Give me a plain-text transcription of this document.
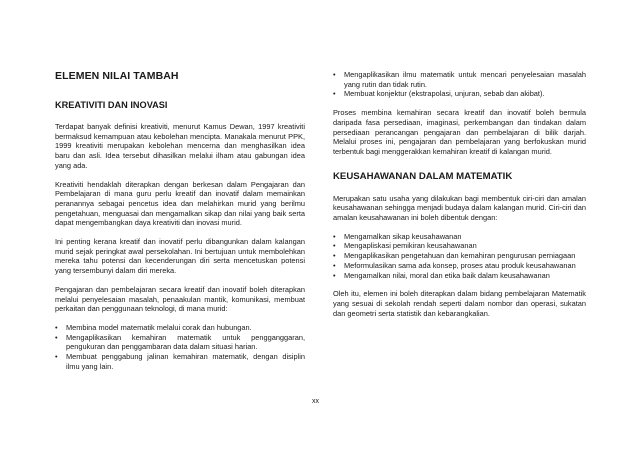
ELEMEN NILAI TAMBAH
KREATIVITI DAN INOVASI

Terdapat banyak definisi kreativiti, menurut Kamus Dewan, 1997 kreativiti bermaksud kemampuan atau kebolehan mencipta. Manakala menurut PPK, 1999 kreativiti merupakan kebolehan mencerna dan menghasilkan idea baru dan asli. Idea tersebut dihasilkan melalui ilham atau gabungan idea yang ada.

Kreativiti hendaklah diterapkan dengan berkesan dalam Pengajaran dan Pembelajaran di mana guru perlu kreatif dan inovatif dalam memainkan peranannya sebagai pencetus idea dan melahirkan murid yang berilmu pengetahuan, menguasai dan mengamalkan sikap dan nilai yang baik serta dapat mengembangkan daya kreativiti dan inovasi murid.

Ini penting kerana kreatif dan inovatif perlu dibangunkan dalam kalangan murid sejak peringkat awal persekolahan. Ini bertujuan untuk membolehkan mereka tahu potensi dan kecenderungan diri serta mencetuskan potensi yang tersembunyi dalam diri mereka.

Pengajaran dan pembelajaran secara kreatif dan inovatif boleh diterapkan melalui penyelesaian masalah, penaakulan mantik, komunikasi, membuat perkaitan dan penggunaan teknologi, di mana murid:

• Membina model matematik melalui corak dan hubungan.
• Mengaplikasikan kemahiran matematik untuk pengganggaran, pengukuran dan penggambaran data dalam situasi harian.
• Membuat penggabung jalinan kemahiran matematik, dengan disiplin ilmu yang lain.
• Mengaplikasikan ilmu matematik untuk mencari penyelesaian masalah yang rutin dan tidak rutin.
• Membuat konjektur (ekstrapolasi, unjuran, sebab dan akibat).

Proses membina kemahiran secara kreatif dan inovatif boleh bermula daripada fasa persediaan, imaginasi, perkembangan dan tindakan dalam persediaan perancangan pengajaran dan pembelajaran di bilik darjah. Melalui proses ini, pengajaran dan pembelajaran yang berfokuskan murid terbentuk bagi menggerakkan kemahiran kreatif di kalangan murid.

KEUSAHAWANAN DALAM MATEMATIK

Merupakan satu usaha yang dilakukan bagi membentuk ciri-ciri dan amalan keusahawanan sehingga menjadi budaya dalam kalangan murid. Ciri-ciri dan amalan keusahawanan ini boleh dibentuk dengan:

• Mengamalkan sikap keusahawanan
• Mengapliskasi pemikiran keusahawanan
• Mengaplikasikan pengetahuan dan kemahiran pengurusan perniagaan
• Meformulasikan sama ada konsep, proses atau produk keusahawanan
• Mengamalkan nilai, moral dan etika baik dalam keusahawanan

Oleh itu, elemen ini boleh diterapkan dalam bidang pembelajaran Matematik yang sesuai di sekolah rendah seperti dalam nombor dan operasi, sukatan dan geometri serta statistik dan kebarangkalian.

xx
